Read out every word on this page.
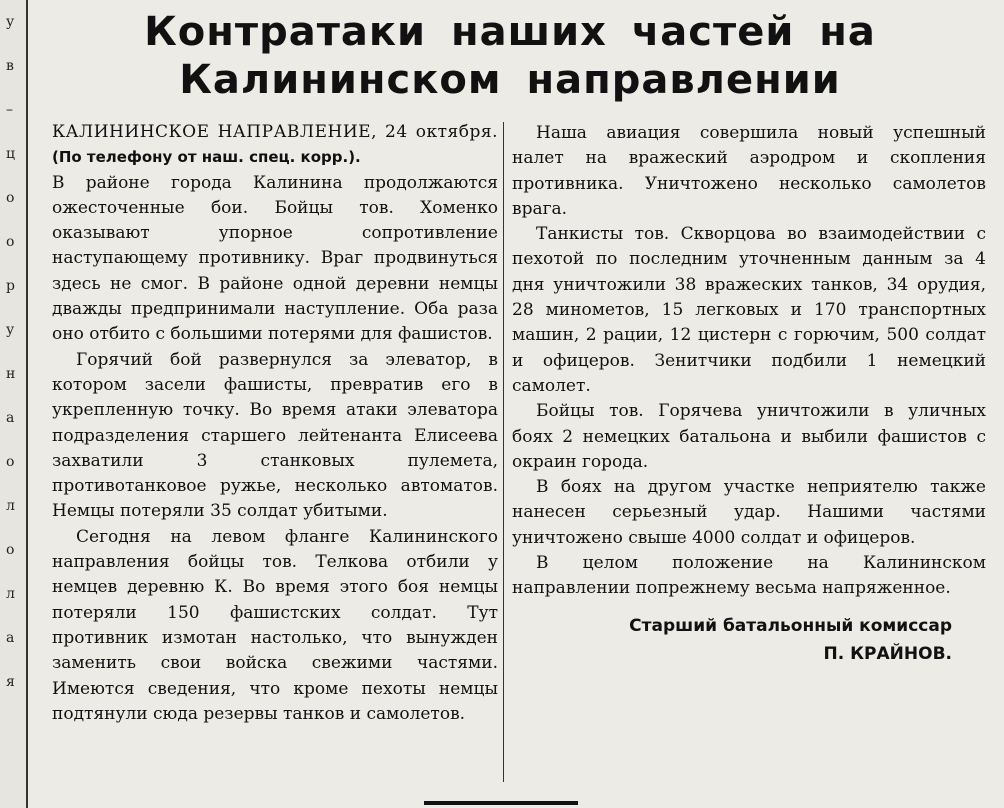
у
в
–
ц
о
о
р
у
н
а
о
л
о
л
а
я
Контратаки наших частей на
Калининском направлении

КАЛИНИНСКОЕ НАПРАВЛЕНИЕ, 24 октября. (По телефону от наш. спец. корр.).

В районе города Калинина продолжаются ожесточенные бои. Бойцы тов. Хоменко оказывают упорное сопротивление наступающему противнику. Враг продвинуться здесь не смог. В районе одной деревни немцы дважды предпринимали наступление. Оба раза оно отбито с большими потерями для фашистов.

Горячий бой развернулся за элеватор, в котором засели фашисты, превратив его в укрепленную точку. Во время атаки элеватора подразделения старшего лейтенанта Елисеева захватили 3 станковых пулемета, противотанковое ружье, несколько автоматов. Немцы потеряли 35 солдат убитыми.

Сегодня на левом фланге Калининского направления бойцы тов. Телкова отбили у немцев деревню К. Во время этого боя немцы потеряли 150 фашистских солдат. Тут противник измотан настолько, что вынужден заменить свои войска свежими частями. Имеются сведения, что кроме пехоты немцы подтянули сюда резервы танков и самолетов.

Наша авиация совершила новый успешный налет на вражеский аэродром и скопления противника. Уничтожено несколько самолетов врага.

Танкисты тов. Скворцова во взаимодействии с пехотой по последним уточненным данным за 4 дня уничтожили 38 вражеских танков, 34 орудия, 28 минометов, 15 легковых и 170 транспортных машин, 2 рации, 12 цистерн с горючим, 500 солдат и офицеров. Зенитчики подбили 1 немецкий самолет.

Бойцы тов. Горячева уничтожили в уличных боях 2 немецких батальона и выбили фашистов с окраин города.

В боях на другом участке неприятелю также нанесен серьезный удар. Нашими частями уничтожено свыше 4000 солдат и офицеров.

В целом положение на Калининском направлении попрежнему весьма напряженное.

Старший батальонный комиссар
П. КРАЙНОВ.
